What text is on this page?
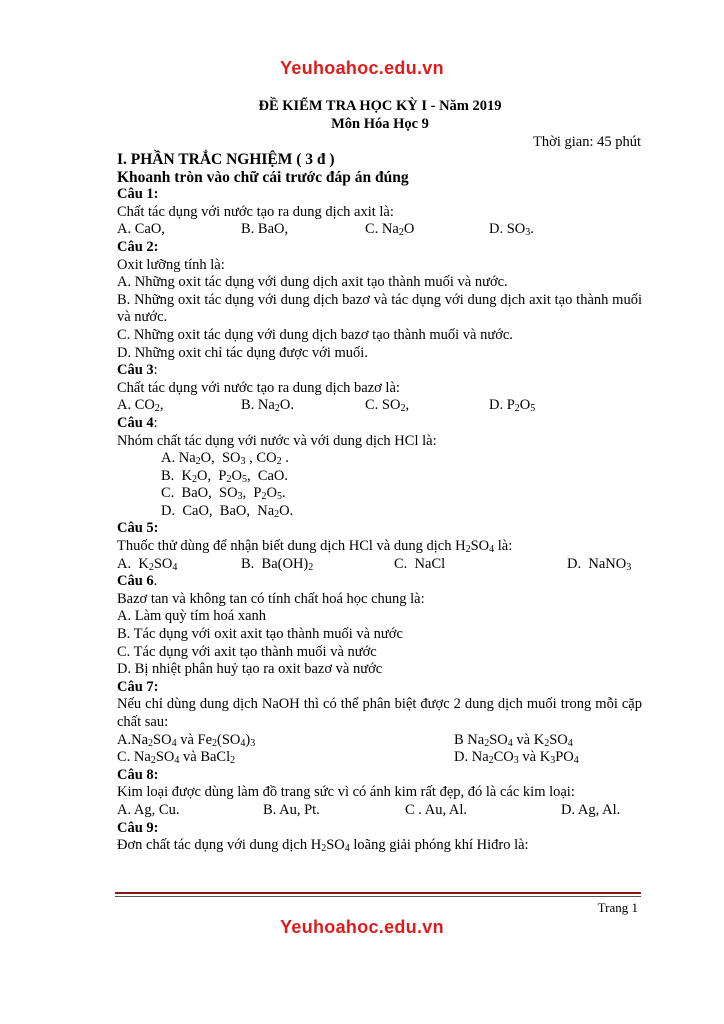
Yeuhoahoc.edu.vn
ĐỀ KIỂM TRA HỌC KỲ I - Năm 2019
Môn Hóa Học 9
Thời gian: 45 phút
I. PHẦN TRẮC NGHIỆM ( 3 đ )
Khoanh tròn vào chữ cái trước đáp án đúng
Câu 1:
Chất tác dụng với nước tạo ra dung dịch axit là:
A. CaO,	B. BaO,	C. $Na_2O$	D. $SO_3$.
Câu 2:
Oxit lưỡng tính là:
A. Những oxit tác dụng với dung dịch axit tạo thành muối và nước.
B. Những oxit tác dụng với dung dịch bazơ và tác dụng với dung dịch axit tạo thành muối và nước.
C. Những oxit tác dụng với dung dịch bazơ tạo thành muối và nước.
D. Những oxit chỉ tác dụng được với muối.
Câu 3:
Chất tác dụng với nước tạo ra dung dịch bazơ là:
A. $CO_2$,	B. $Na_2O$.	C. $SO_2$,	D. $P_2O_5$
Câu 4:
Nhóm chất tác dụng với nước và với dung dịch HCl là:
A. $Na_2O$,  $SO_3$ , $CO_2$ .
B.  $K_2O$,  $P_2O_5$,  CaO.
C.  BaO,  $SO_3$,  $P_2O_5$.
D.  CaO,  BaO,  $Na_2O$.
Câu 5:
Thuốc thử dùng để nhận biết dung dịch HCl và dung dịch $H_2SO_4$ là:
A.  $K_2SO_4$	B.  $Ba(OH)_2$	C.  NaCl	D.  NaNO$_3$
Câu 6.
Bazơ tan và không tan có tính chất hoá học chung là:
A. Làm quỳ tím hoá xanh
B. Tác dụng với oxit axit tạo thành muối và nước
C. Tác dụng với axit tạo thành muối và nước
D. Bị nhiệt phân huỷ tạo ra oxit bazơ và nước
Câu 7:
Nếu chỉ dùng dung dịch NaOH thì có thể phân biệt được 2 dung dịch muối trong mỗi cặp chất sau:
$A.Na_2SO_4$ và $Fe_2(SO_4)_3$	B $Na_2SO_4$ và $K_2SO_4$
C. $Na_2SO_4$ và BaCl$_2$	D. $Na_2CO_3$ và $K_3PO_4$
Câu 8:
Kim loại được dùng làm đồ trang sức vì có ánh kim rất đẹp, đó là các kim loại:
A. Ag, Cu.	B. Au, Pt.	C . Au, Al.	D. Ag, Al.
Câu 9:
Đơn chất tác dụng với dung dịch $H_2SO_4$ loãng giải phóng khí Hiđro là:
Trang 1
Yeuhoahoc.edu.vn
